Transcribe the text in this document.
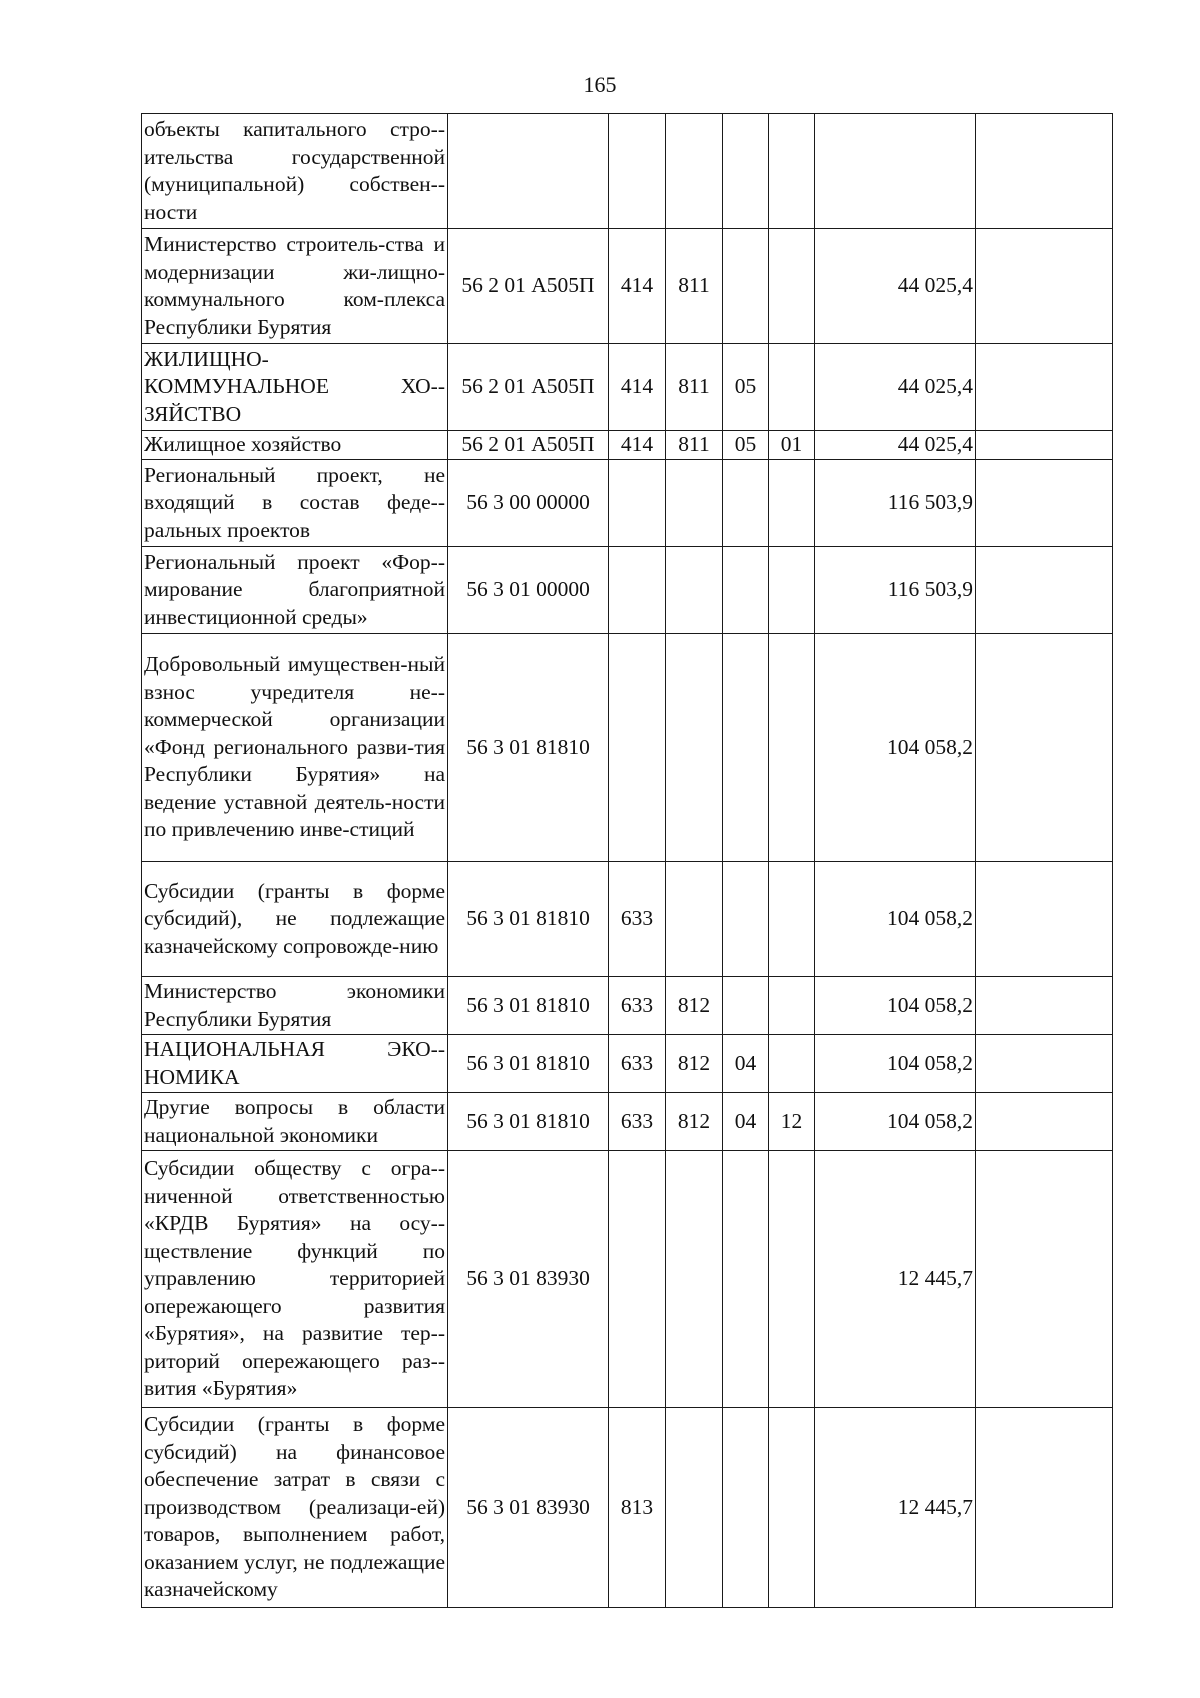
165
объекты капитального стро-ительства государственной (муниципальной) собствен-ности							
Министерство строитель-ства и модернизации жи-лищно-коммунального ком-плекса Республики Бурятия	56 2 01 А505П	414	811			44 025,4	
ЖИЛИЩНО-КОММУНАЛЬНОЕ ХО-ЗЯЙСТВО	56 2 01 А505П	414	811	05		44 025,4	
Жилищное хозяйство	56 2 01 А505П	414	811	05	01	44 025,4	
Региональный проект, не входящий в состав феде-ральных проектов	56 3 00 00000					116 503,9	
Региональный проект «Фор-мирование благоприятной инвестиционной среды»	56 3 01 00000					116 503,9	
Добровольный имуществен-ный взнос учредителя не-коммерческой организации «Фонд регионального разви-тия Республики Бурятия» на ведение уставной деятель-ности по привлечению инве-стиций	56 3 01 81810					104 058,2	
Субсидии (гранты в форме субсидий), не подлежащие казначейскому сопровожде-нию	56 3 01 81810	633				104 058,2	
Министерство экономики Республики Бурятия	56 3 01 81810	633	812			104 058,2	
НАЦИОНАЛЬНАЯ ЭКО-НОМИКА	56 3 01 81810	633	812	04		104 058,2	
Другие вопросы в области национальной экономики	56 3 01 81810	633	812	04	12	104 058,2	
Субсидии обществу с огра-ниченной ответственностью «КРДВ Бурятия» на осу-ществление функций по управлению территорией опережающего развития «Бурятия», на развитие тер-риторий опережающего раз-вития «Бурятия»	56 3 01 83930					12 445,7	
Субсидии (гранты в форме субсидий) на финансовое обеспечение затрат в связи с производством (реализаци-ей) товаров, выполнением работ, оказанием услуг, не подлежащие казначейскому	56 3 01 83930	813				12 445,7	
